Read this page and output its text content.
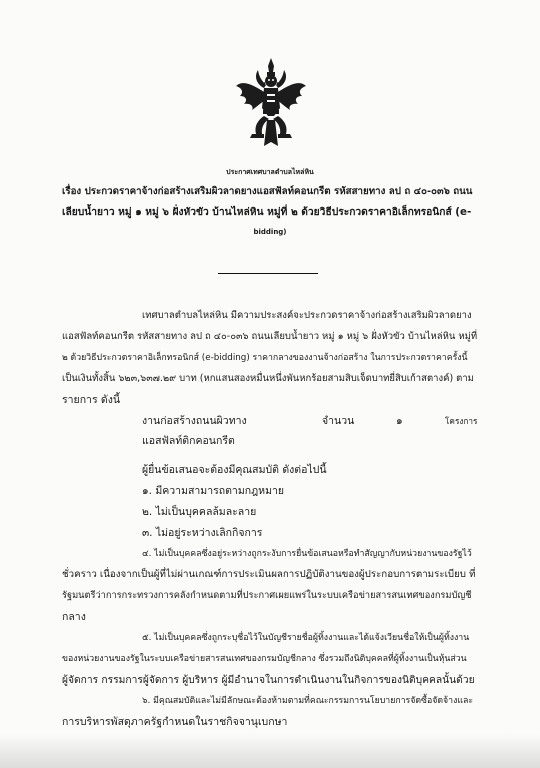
ประกาศเทศบาลตำบลไหล่หิน
เรื่อง ประกวดราคาจ้างก่อสร้างเสริมผิวลาดยางแอสฟัลท์คอนกรีต รหัสสายทาง ลป ถ ๔๐-๐๓๖ ถนน
เลียบน้ำยาว หมู่ ๑ หมู่ ๖ ฝั่งหัวขัว บ้านไหล่หิน หมู่ที่ ๒ ด้วยวิธีประกวดราคาอิเล็กทรอนิกส์ (e-
bidding)
เทศบาลตำบลไหล่หิน มีความประสงค์จะประกวดราคาจ้างก่อสร้างเสริมผิวลาดยาง
แอสฟัลท์คอนกรีต รหัสสายทาง ลป ถ ๔๐-๐๓๖ ถนนเลียบน้ำยาว หมู่ ๑ หมู่ ๖ ฝั่งหัวขัว บ้านไหล่หิน หมู่ที่
๒ ด้วยวิธีประกวดราคาอิเล็กทรอนิกส์ (e-bidding) ราคากลางของงานจ้างก่อสร้าง ในการประกวดราคาครั้งนี้
เป็นเงินทั้งสิ้น ๖๒๓,๖๓๗.๒๙ บาท (หกแสนสองหมื่นหนึ่งพันหกร้อยสามสิบเจ็ดบาทยี่สิบเก้าสตางค์) ตาม
รายการ ดังนี้
งานก่อสร้างถนนผิวทาง	จำนวน	๑	โครงการ
แอสฟัลท์ติกคอนกรีต
ผู้ยื่นข้อเสนอจะต้องมีคุณสมบัติ ดังต่อไปนี้
๑. มีความสามารถตามกฎหมาย
๒. ไม่เป็นบุคคลล้มละลาย
๓. ไม่อยู่ระหว่างเลิกกิจการ
๔. ไม่เป็นบุคคลซึ่งอยู่ระหว่างถูกระงับการยื่นข้อเสนอหรือทำสัญญากับหน่วยงานของรัฐไว้
ชั่วคราว เนื่องจากเป็นผู้ที่ไม่ผ่านเกณฑ์การประเมินผลการปฏิบัติงานของผู้ประกอบการตามระเบียบ ที่
รัฐมนตรีว่าการกระทรวงการคลังกำหนดตามที่ประกาศเผยแพร่ในระบบเครือข่ายสารสนเทศของกรมบัญชี
กลาง
๕. ไม่เป็นบุคคลซึ่งถูกระบุชื่อไว้ในบัญชีรายชื่อผู้ทิ้งงานและได้แจ้งเวียนชื่อให้เป็นผู้ทิ้งงาน
ของหน่วยงานของรัฐในระบบเครือข่ายสารสนเทศของกรมบัญชีกลาง ซึ่งรวมถึงนิติบุคคลที่ผู้ทิ้งงานเป็นหุ้นส่วน
ผู้จัดการ กรรมการผู้จัดการ ผู้บริหาร ผู้มีอำนาจในการดำเนินงานในกิจการของนิติบุคคลนั้นด้วย
๖. มีคุณสมบัติและไม่มีลักษณะต้องห้ามตามที่คณะกรรมการนโยบายการจัดซื้อจัดจ้างและ
การบริหารพัสดุภาครัฐกำหนดในราชกิจจานุเบกษา
